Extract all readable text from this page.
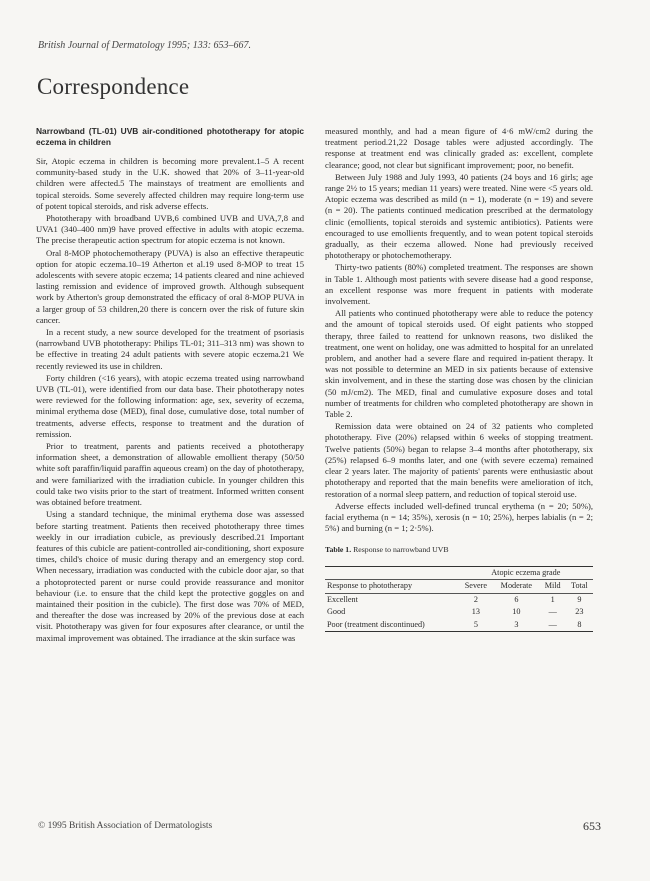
British Journal of Dermatology 1995; 133: 653–667.
Correspondence
Narrowband (TL-01) UVB air-conditioned phototherapy for atopic eczema in children

Sir, Atopic eczema in children is becoming more prevalent.1–5 A recent community-based study in the U.K. showed that 20% of 3–11-year-old children were affected.5 The mainstays of treatment are emollients and topical steroids. Some severely affected children may require long-term use of potent topical steroids, and risk adverse effects.

Phototherapy with broadband UVB,6 combined UVB and UVA,7,8 and UVA1 (340–400 nm)9 have proved effective in adults with atopic eczema. The precise therapeutic action spectrum for atopic eczema is not known.

Oral 8-MOP photochemotherapy (PUVA) is also an effective therapeutic option for atopic eczema.10–19 Atherton et al.19 used 8-MOP to treat 15 adolescents with severe atopic eczema; 14 patients cleared and nine achieved lasting remission and evidence of improved growth. Although subsequent work by Atherton's group demonstrated the efficacy of oral 8-MOP PUVA in a larger group of 53 children,20 there is concern over the risk of future skin cancer.

In a recent study, a new source developed for the treatment of psoriasis (narrowband UVB phototherapy: Philips TL-01; 311–313 nm) was shown to be effective in treating 24 adult patients with severe atopic eczema.21 We recently reviewed its use in children.

Forty children (<16 years), with atopic eczema treated using narrowband UVB (TL-01), were identified from our data base. Their phototherapy notes were reviewed for the following information: age, sex, severity of eczema, minimal erythema dose (MED), final dose, cumulative dose, total number of treatments, adverse effects, response to treatment and the duration of remission.

Prior to treatment, parents and patients received a phototherapy information sheet, a demonstration of allowable emollient therapy (50/50 white soft paraffin/liquid paraffin aqueous cream) on the day of phototherapy, and were familiarized with the irradiation cubicle. In younger children this could take two visits prior to the start of treatment. Informed written consent was obtained before treatment.

Using a standard technique, the minimal erythema dose was assessed before starting treatment. Patients then received phototherapy three times weekly in our irradiation cubicle, as previously described.21 Important features of this cubicle are patient-controlled air-conditioning, short exposure times, child's choice of music during therapy and an emergency stop cord. When necessary, irradiation was conducted with the cubicle door ajar, so that a photoprotected parent or nurse could provide reassurance and monitor behaviour (i.e. to ensure that the child kept the protective goggles on and maintained their position in the cubicle). The first dose was 70% of MED, and thereafter the dose was increased by 20% of the previous dose at each visit. Phototherapy was given for four exposures after clearance, or until the maximal improvement was obtained. The irradiance at the skin surface was

measured monthly, and had a mean figure of 4·6 mW/cm2 during the treatment period.21,22 Dosage tables were adjusted accordingly. The response at treatment end was clinically graded as: excellent, complete clearance; good, not clear but significant improvement; poor, no benefit.

Between July 1988 and July 1993, 40 patients (24 boys and 16 girls; age range 2½ to 15 years; median 11 years) were treated. Nine were <5 years old. Atopic eczema was described as mild (n = 1), moderate (n = 19) and severe (n = 20). The patients continued medication prescribed at the dermatology clinic (emollients, topical steroids and systemic antibiotics). Patients were encouraged to use emollients frequently, and to wean potent topical steroids gradually, as their eczema allowed. None had previously received phototherapy or photochemotherapy.

Thirty-two patients (80%) completed treatment. The responses are shown in Table 1. Although most patients with severe disease had a good response, an excellent response was more frequent in patients with moderate involvement.

All patients who continued phototherapy were able to reduce the potency and the amount of topical steroids used. Of eight patients who stopped therapy, three failed to reattend for unknown reasons, two disliked the treatment, one went on holiday, one was admitted to hospital for an unrelated problem, and another had a severe flare and required in-patient therapy. It was not possible to determine an MED in six patients because of extensive skin involvement, and in these the starting dose was chosen by the clinician (50 mJ/cm2). The MED, final and cumulative exposure doses and total number of treatments for children who completed phototherapy are shown in Table 2.

Remission data were obtained on 24 of 32 patients who completed phototherapy. Five (20%) relapsed within 6 weeks of stopping treatment. Twelve patients (50%) began to relapse 3–4 months after phototherapy, six (25%) relapsed 6–9 months later, and one (with severe eczema) remained clear 2 years later. The majority of patients' parents were enthusiastic about phototherapy and reported that the main benefits were amelioration of itch, restoration of a normal sleep pattern, and reduction of topical steroid use.

Adverse effects included well-defined truncal erythema (n = 20; 50%), facial erythema (n = 14; 35%), xerosis (n = 10; 25%), herpes labialis (n = 2; 5%) and burning (n = 1; 2·5%).

Table 1. Response to narrowband UVB
	Atopic eczema grade			
Response to phototherapy	Severe	Moderate	Mild	Total
Excellent	2	6	1	9
Good	13	10	—	23
Poor (treatment discontinued)	5	3	—	8
© 1995 British Association of Dermatologists	653
